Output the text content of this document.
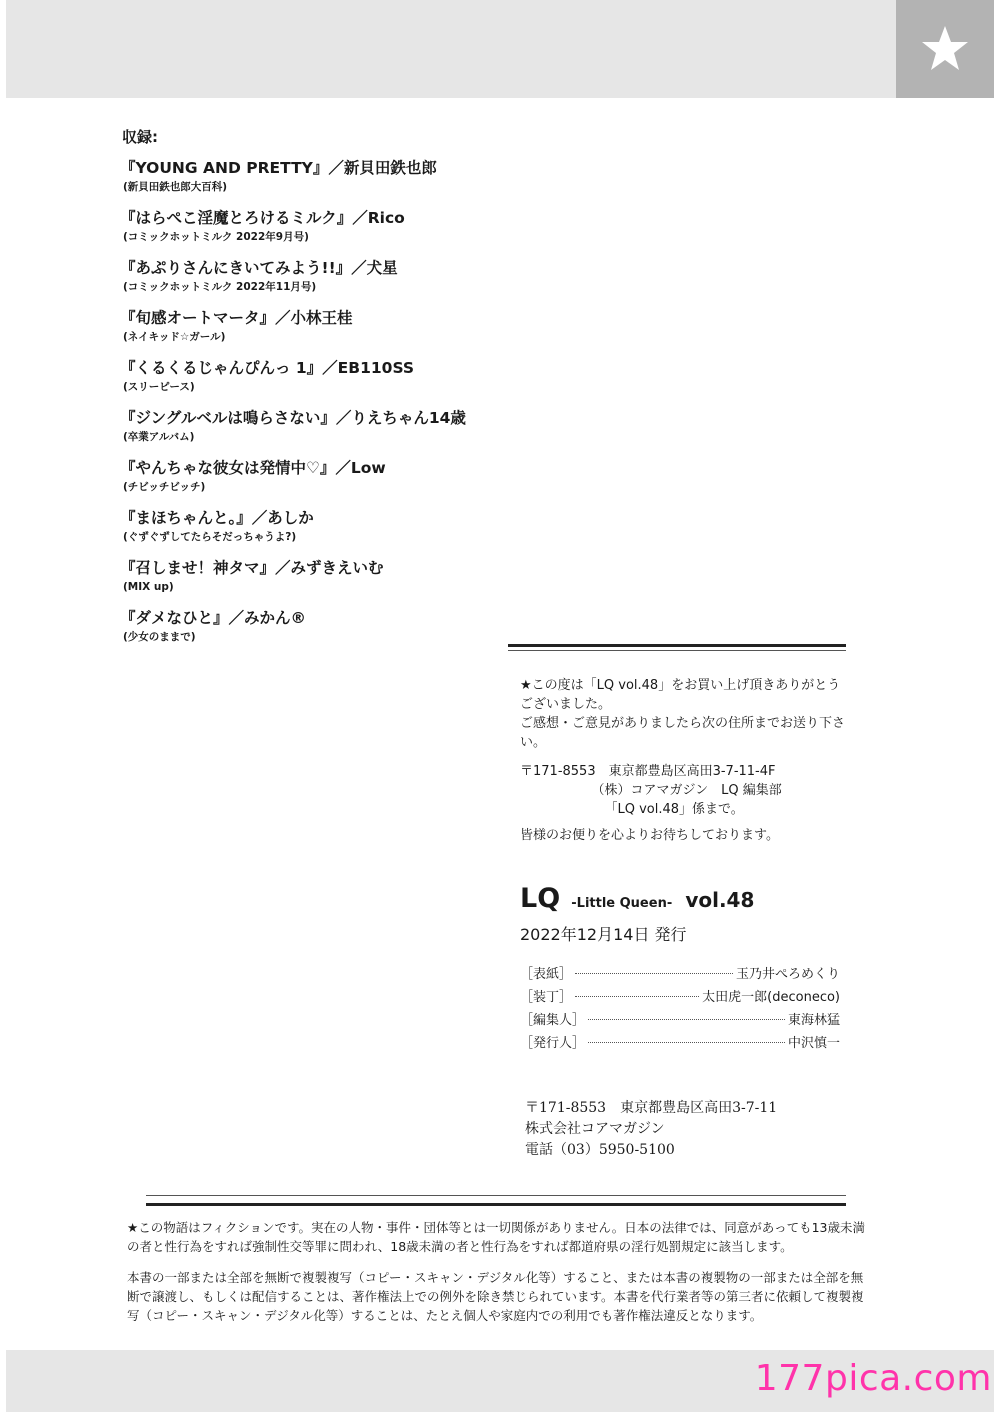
収録:
『YOUNG AND PRETTY』／新貝田鉄也郎
(新貝田鉄也郎大百科)
『はらぺこ淫魔とろけるミルク』／Rico
(コミックホットミルク 2022年9月号)
『あぷりさんにきいてみよう!!』／犬星
(コミックホットミルク 2022年11月号)
『旬感オートマータ』／小林王桂
(ネイキッド☆ガール)
『くるくるじゃんぴんっ 1』／EB110SS
(スリーピース)
『ジングルベルは鳴らさない』／りえちゃん14歳
(卒業アルバム)
『やんちゃな彼女は発情中♡』／Low
(チビッチビッチ)
『まほちゃんと。』／あしか
(ぐずぐずしてたらそだっちゃうよ?)
『召しませ！神タマ』／みずきえいむ
(MIX up)
『ダメなひと』／みかん®
(少女のままで)

★この度は「LQ vol.48」をお買い上げ頂きありがとうございました。

ご感想・ご意見がありましたら次の住所までお送り下さい。

〒171-8553　東京都豊島区高田3-7-11-4F
　　　　　　（株）コアマガジン　LQ 編集部
　　　　　　　「LQ vol.48」係まで。
皆様のお便りを心よりお待ちしております。
LQ -Little Queen- vol.48
2022年12月14日 発行
［表紙］	玉乃井ぺろめくり
［装丁］	太田虎一郎(deconeco)
［編集人］	東海林猛
［発行人］	中沢慎一
〒171-8553　東京都豊島区高田3-7-11
株式会社コアマガジン
電話（03）5950-5100

★この物語はフィクションです。実在の人物・事件・団体等とは一切関係がありません。日本の法律では、同意があっても13歳未満の者と性行為をすれば強制性交等罪に問われ、18歳未満の者と性行為をすれば都道府県の淫行処罰規定に該当します。

本書の一部または全部を無断で複製複写（コピー・スキャン・デジタル化等）すること、または本書の複製物の一部または全部を無断で譲渡し、もしくは配信することは、著作権法上での例外を除き禁じられています。本書を代行業者等の第三者に依頼して複製複写（コピー・スキャン・デジタル化等）することは、たとえ個人や家庭内での利用でも著作権法違反となります。

177pica.com
